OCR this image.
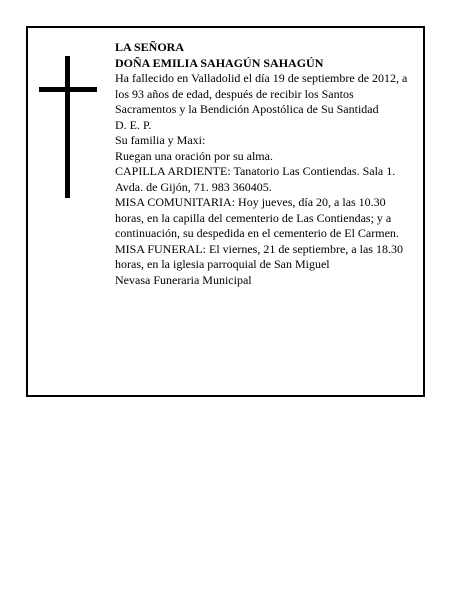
LA SEÑORA

DOÑA EMILIA SAHAGÚN SAHAGÚN

Ha fallecido en Valladolid el día 19 de septiembre de 2012, a los 93 años de edad, después de recibir los Santos Sacramentos y la Bendición Apostólica de Su Santidad

D. E. P.

Su familia y Maxi:

Ruegan una oración por su alma.

CAPILLA ARDIENTE: Tanatorio Las Contiendas. Sala 1. Avda. de Gijón, 71. 983 360405.

MISA COMUNITARIA: Hoy jueves, día 20, a las 10.30 horas, en la capilla del cementerio de Las Contiendas; y a continuación, su despedida en el cementerio de El Carmen.

MISA FUNERAL: El viernes, 21 de septiembre, a las 18.30 horas, en la iglesia parroquial de San Miguel

Nevasa Funeraria Municipal
